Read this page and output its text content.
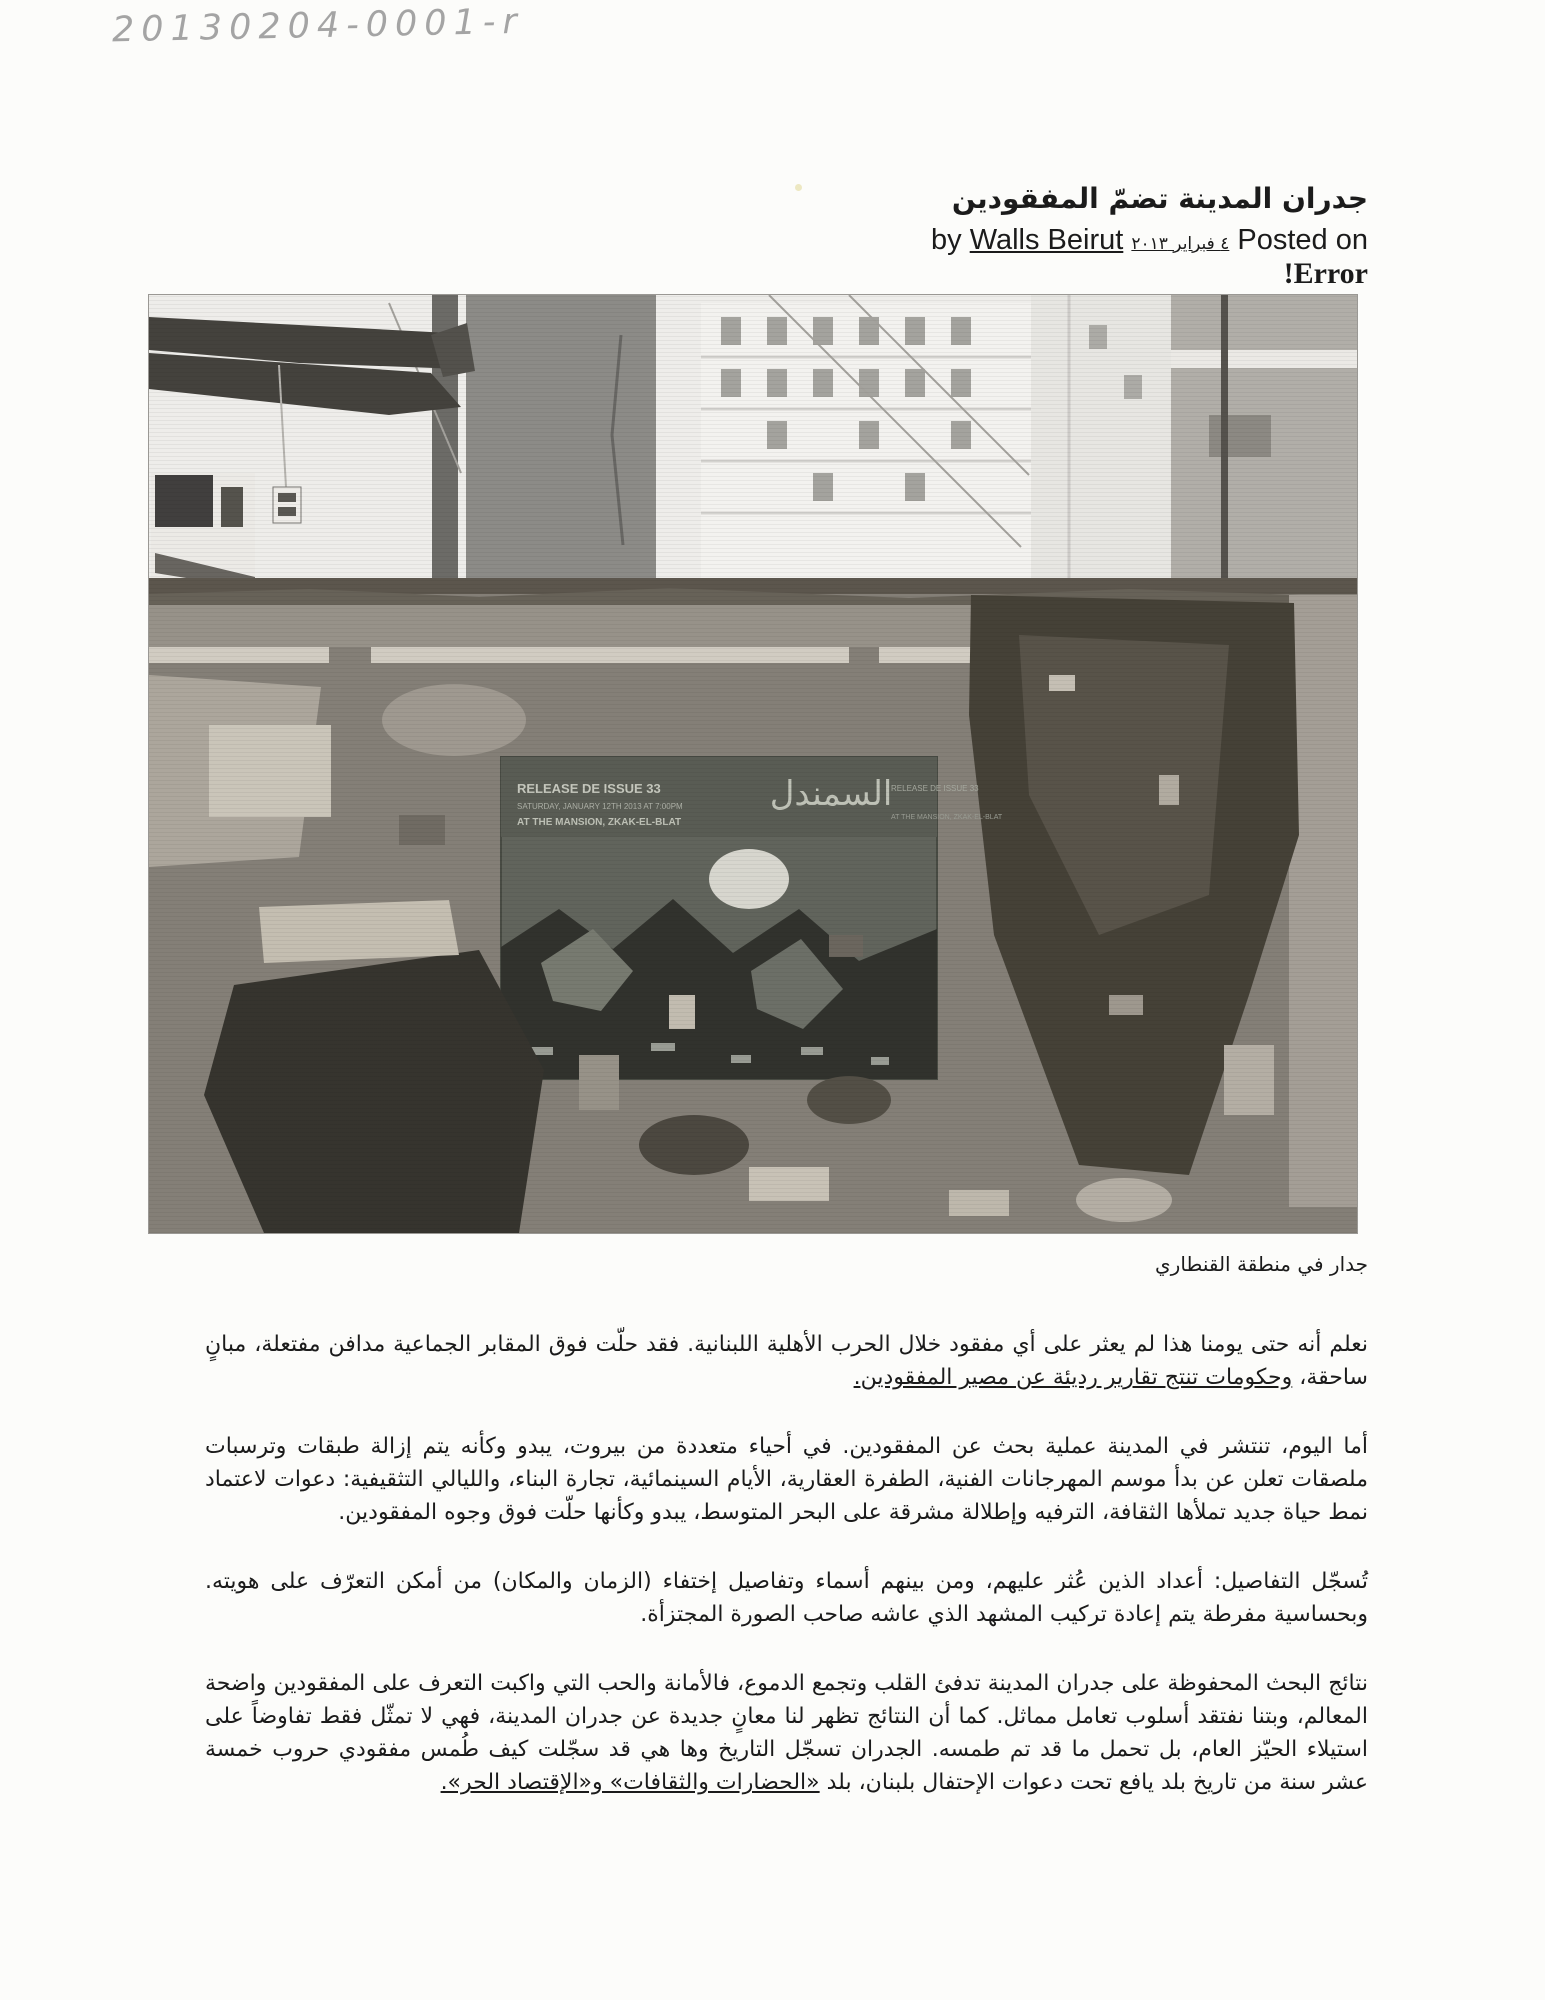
20130204-0001-r
جدران المدينة تضمّ المفقودين
Posted on ٤ فبراير ٢٠١٣ by Walls Beirut
Error!
RELEASE DE ISSUE 33
SATURDAY, JANUARY 12TH 2013 AT 7:00PM
AT THE MANSION, ZKAK-EL-BLAT
السمندل
RELEASE DE ISSUE 33
AT THE MANSION, ZKAK-EL-BLAT
جدار في منطقة القنطاري

نعلم أنه حتى يومنا هذا لم يعثر على أي مفقود خلال الحرب الأهلية اللبنانية. فقد حلّت فوق المقابر الجماعية مدافن مفتعلة، مبانٍ ساحقة، وحكومات تنتج تقارير رديئة عن مصير المفقودين.

أما اليوم، تنتشر في المدينة عملية بحث عن المفقودين. في أحياء متعددة من بيروت، يبدو وكأنه يتم إزالة طبقات وترسبات ملصقات تعلن عن بدأ موسم المهرجانات الفنية، الطفرة العقارية، الأيام السينمائية، تجارة البناء، والليالي التثقيفية: دعوات لاعتماد نمط حياة جديد تملأها الثقافة، الترفيه وإطلالة مشرقة على البحر المتوسط، يبدو وكأنها حلّت فوق وجوه المفقودين.

تُسجّل التفاصيل: أعداد الذين عُثر عليهم، ومن بينهم أسماء وتفاصيل إختفاء (الزمان والمكان) من أمكن التعرّف على هويته. وبحساسية مفرطة يتم إعادة تركيب المشهد الذي عاشه صاحب الصورة المجتزأة.

نتائج البحث المحفوظة على جدران المدينة تدفئ القلب وتجمع الدموع، فالأمانة والحب التي واكبت التعرف على المفقودين واضحة المعالم، وبتنا نفتقد أسلوب تعامل مماثل. كما أن النتائج تظهر لنا معانٍ جديدة عن جدران المدينة، فهي لا تمثّل فقط تفاوضاً على استيلاء الحيّز العام، بل تحمل ما قد تم طمسه. الجدران تسجّل التاريخ وها هي قد سجّلت كيف طُمس مفقودي حروب خمسة عشر سنة من تاريخ بلد يافع تحت دعوات الإحتفال بلبنان، بلد «الحضارات والثقافات» و«الإقتصاد الحر».
